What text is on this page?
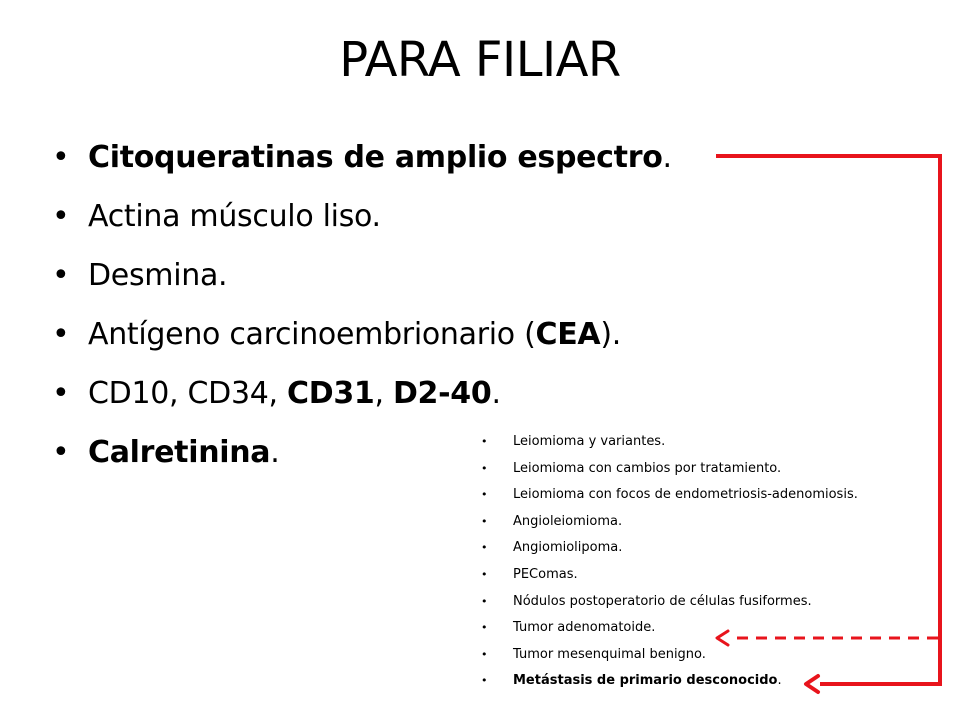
PARA FILIAR
• Citoqueratinas de amplio espectro.
• Actina músculo liso.
• Desmina.
• Antígeno carcinoembrionario (CEA).
• CD10, CD34, CD31, D2-40.
• Calretinina.	• Leiomioma y variantes.
• Leiomioma con cambios por tratamiento.
• Leiomioma con focos de endometriosis-adenomiosis.
• Angioleiomioma.
• Angiomiolipoma.
• PEComas.
• Nódulos postoperatorio de células fusiformes.
• Tumor adenomatoide.
• Tumor mesenquimal benigno.
• Metástasis de primario desconocido.
